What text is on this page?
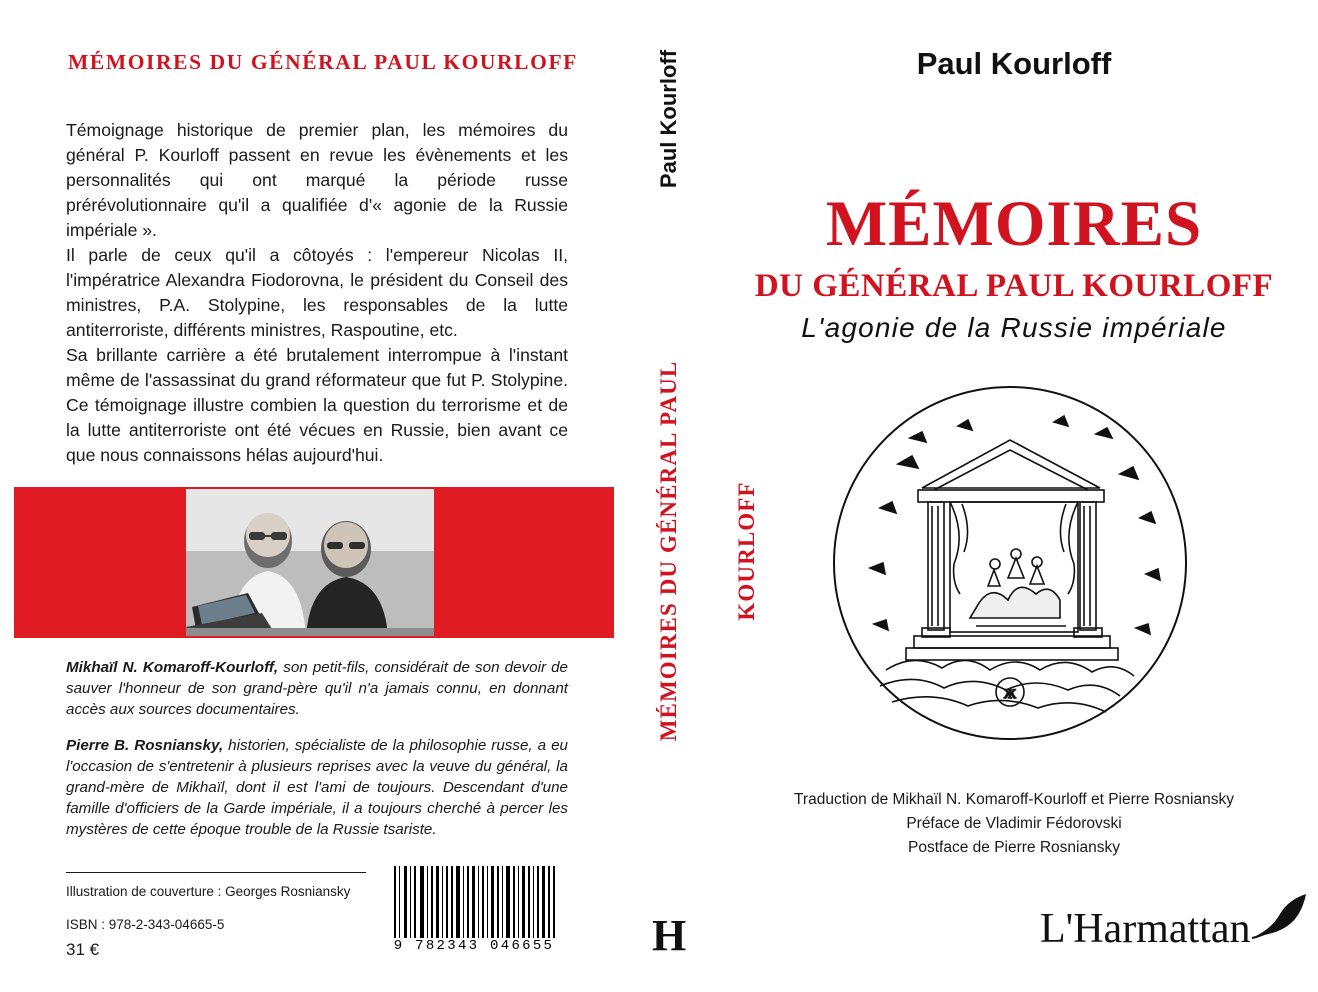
MÉMOIRES DU GÉNÉRAL PAUL KOURLOFF

Témoignage historique de premier plan, les mémoires du général P. Kourloff passent en revue les évènements et les personnalités qui ont marqué la période russe prérévolutionnaire qu'il a qualifiée d'« agonie de la Russie impériale ».
Il parle de ceux qu'il a côtoyés : l'empereur Nicolas II, l'impératrice Alexandra Fiodorovna, le président du Conseil des ministres, P.A. Stolypine, les responsables de la lutte antiterroriste, différents ministres, Raspoutine, etc.
Sa brillante carrière a été brutalement interrompue à l'instant même de l'assassinat du grand réformateur que fut P. Stolypine. Ce témoignage illustre combien la question du terrorisme et de la lutte antiterroriste ont été vécues en Russie, bien avant ce que nous connaissons hélas aujourd'hui.

Mikhaïl N. Komaroff-Kourloff, son petit-fils, considérait de son devoir de sauver l'honneur de son grand-père qu'il n'a jamais connu, en donnant accès aux sources documentaires.

Pierre B. Rosniansky, historien, spécialiste de la philosophie russe, a eu l'occasion de s'entretenir à plusieurs reprises avec la veuve du général, la grand-mère de Mikhaïl, dont il est l'ami de toujours. Descendant d'une famille d'officiers de la Garde impériale, il a toujours cherché à percer les mystères de cette époque trouble de la Russie tsariste.

Illustration de couverture : Georges Rosniansky
ISBN : 978-2-343-04665-5
31 €	9 782343 046655
Paul Kourloff
MÉMOIRES DU GÉNÉRAL PAUL KOURLOFF
H
Paul Kourloff
MÉMOIRES
DU GÉNÉRAL PAUL KOURLOFF
L'agonie de la Russie impériale
Ж
Traduction de Mikhaïl N. Komaroff-Kourloff et Pierre Rosniansky
Préface de Vladimir Fédorovski
Postface de Pierre Rosniansky
L'Harmattan
